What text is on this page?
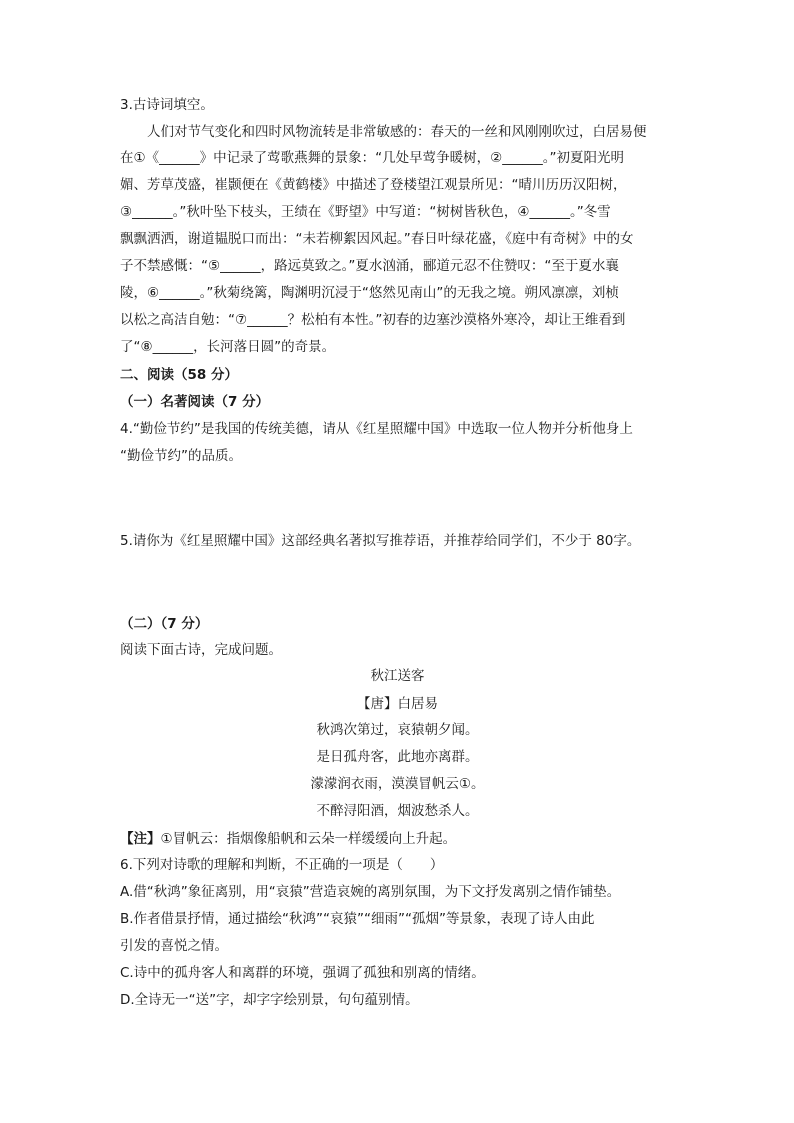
3.古诗词填空。
人们对节气变化和四时风物流转是非常敏感的：春天的一丝和风刚刚吹过，白居易便
在①《______》中记录了莺歌燕舞的景象：“几处早莺争暖树，②______。”初夏阳光明
媚、芳草茂盛，崔颢便在《黄鹤楼》中描述了登楼望江观景所见：“晴川历历汉阳树，
③______。”秋叶坠下枝头，王绩在《野望》中写道：“树树皆秋色，④______。”冬雪
飘飘洒洒，谢道韫脱口而出：“未若柳絮因风起。”春日叶绿花盛，《庭中有奇树》中的女
子不禁感慨：“⑤______，路远莫致之。”夏水汹涌，郦道元忍不住赞叹：“至于夏水襄
陵，⑥______。”秋菊绕篱，陶渊明沉浸于“悠然见南山”的无我之境。朔风凛凛，刘桢
以松之高洁自勉：“⑦______？松柏有本性。”初春的边塞沙漠格外寒冷，却让王维看到
了“⑧______，长河落日圆”的奇景。
二、阅读（58 分）
（一）名著阅读（7 分）
4.“勤俭节约”是我国的传统美德，请从《红星照耀中国》中选取一位人物并分析他身上
“勤俭节约”的品质。
5.请你为《红星照耀中国》这部经典名著拟写推荐语，并推荐给同学们，不少于 80字。
（二）（7 分）
阅读下面古诗，完成问题。
秋江送客
【唐】白居易
秋鸿次第过，哀猿朝夕闻。
是日孤舟客，此地亦离群。
濛濛润衣雨，漠漠冒帆云①。
不醉浔阳酒，烟波愁杀人。
【注】①冒帆云：指烟像船帆和云朵一样缓缓向上升起。
6.下列对诗歌的理解和判断，不正确的一项是（　　）
A.借“秋鸿”象征离别，用“哀猿”营造哀婉的离别氛围，为下文抒发离别之情作铺垫。
B.作者借景抒情，通过描绘“秋鸿”“哀猿”“细雨”“孤烟”等景象，表现了诗人由此
引发的喜悦之情。
C.诗中的孤舟客人和离群的环境，强调了孤独和别离的情绪。
D.全诗无一“送”字，却字字绘别景，句句蕴别情。
